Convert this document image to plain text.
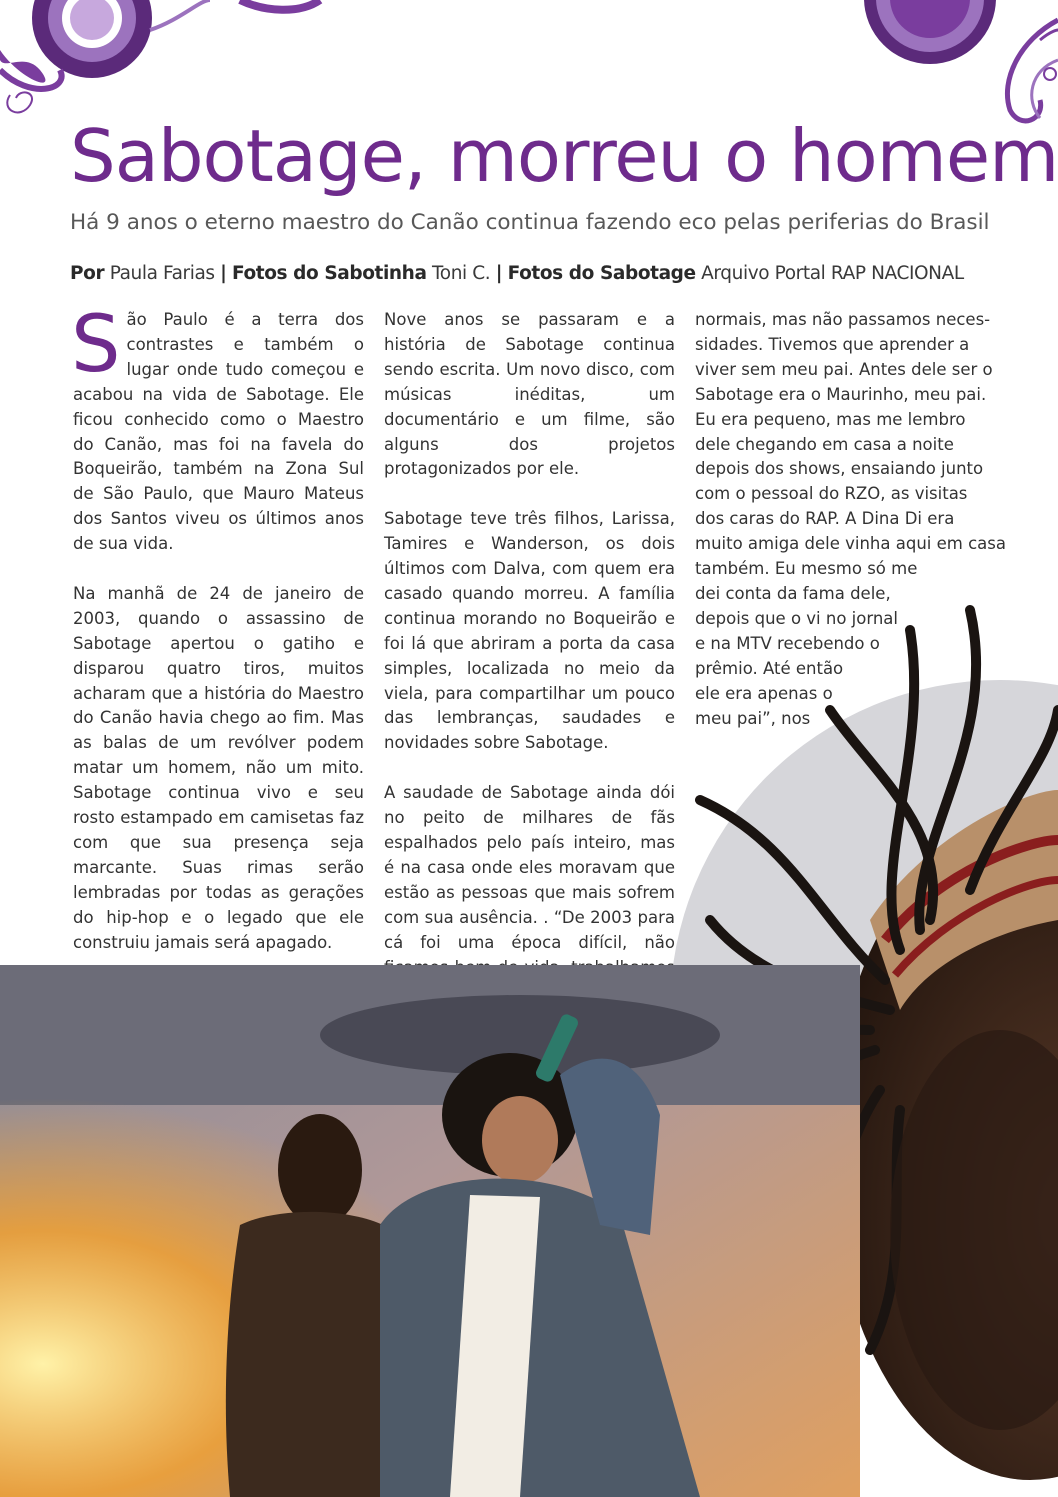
Sabotage, morreu o homem

Há 9 anos o eterno maestro do Canão continua fazendo eco pelas periferias do Brasil

Por Paula Farias | Fotos do Sabotinha Toni C. | Fotos do Sabotage Arquivo Portal RAP NACIONAL

São Paulo é a terra dos contrastes e também o lugar onde tudo começou e acabou na vida de Sabotage. Ele ficou conhecido como o Maestro do Canão, mas foi na favela do Boqueirão, também na Zona Sul de São Paulo, que Mauro Mateus dos Santos viveu os últimos anos de sua vida.

Na manhã de 24 de janeiro de 2003, quando o assassino de Sabotage apertou o gatiho e disparou quatro tiros, muitos acharam que a história do Maestro do Canão havia chego ao fim. Mas as balas de um revólver podem matar um homem, não um mito. Sabotage continua vivo e seu rosto estampado em camisetas faz com que sua presença seja marcante. Suas rimas serão lembradas por todas as gerações do hip-hop e o legado que ele construiu jamais será apagado.

Nove anos se passaram e a história de Sabotage continua sendo escrita. Um novo disco, com músicas inéditas, um documentário e um filme, são alguns dos projetos protagonizados por ele.

Sabotage teve três filhos, Larissa, Tamires e Wanderson, os dois últimos com Dalva, com quem era casado quando morreu. A família continua morando no Boqueirão e foi lá que abriram a porta da casa simples, localizada no meio da viela, para compartilhar um pouco das lembranças, saudades e novidades sobre Sabotage.

A saudade de Sabotage ainda dói no peito de milhares de fãs espalhados pelo país inteiro, mas é na casa onde eles moravam que estão as pessoas que mais sofrem com sua ausência. . “De 2003 para cá foi uma época difícil, não

normais, mas não passamos neces-
sidades. Tivemos que aprender a
viver sem meu pai. Antes dele ser o
Sabotage era o Maurinho, meu pai.
Eu era pequeno, mas me lembro
dele chegando em casa a noite
depois dos shows, ensaiando junto
com o pessoal do RZO, as visitas
dos caras do RAP. A Dina Di era
muito amiga dele vinha aqui em casa
também. Eu mesmo só me
dei conta da fama dele,
depois que o vi no jornal
e na MTV recebendo o
prêmio. Até então
ele era apenas o
meu pai”, nos
